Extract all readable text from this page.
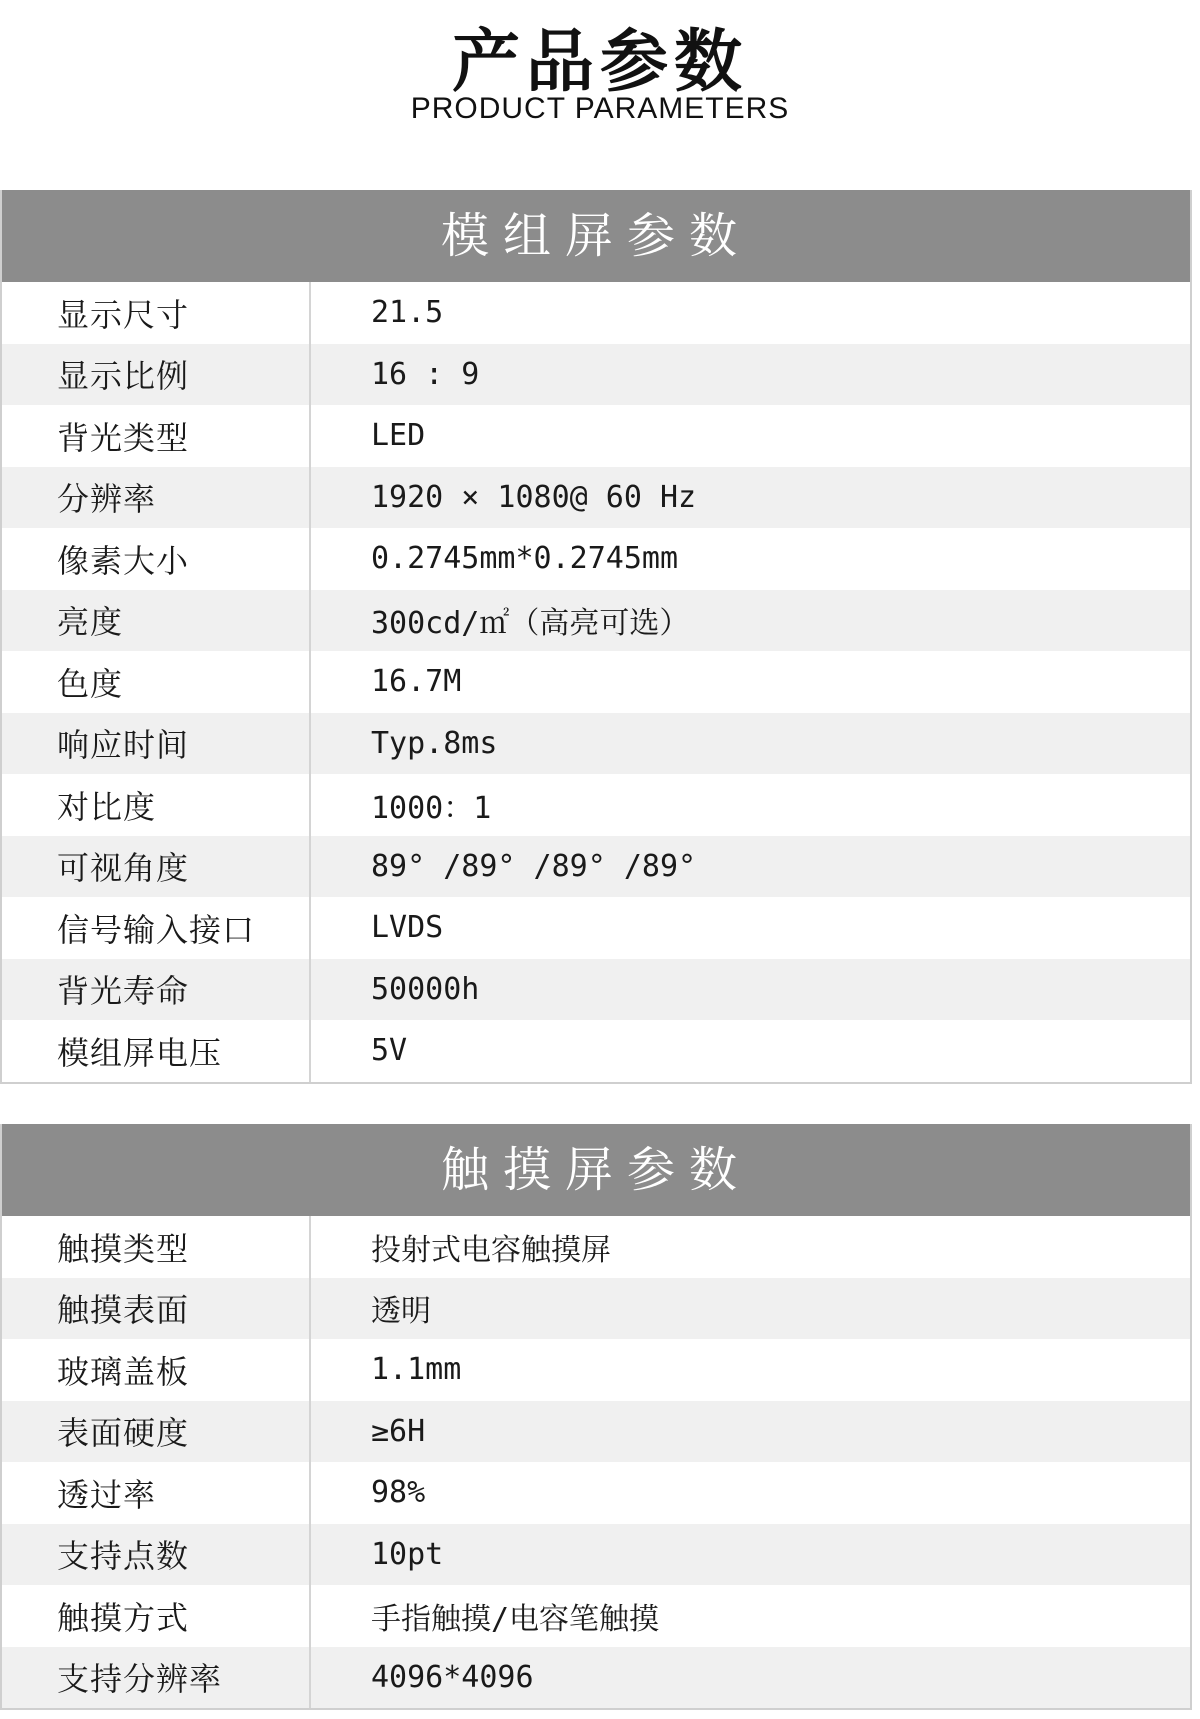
产品参数
PRODUCT PARAMETERS
模组屏参数
显示尺寸	21.5
显示比例	16 : 9
背光类型	LED
分辨率	1920 × 1080@ 60 Hz
像素大小	0.2745mm*0.2745mm
亮度	300cd/㎡（高亮可选）
色度	16.7M
响应时间	Typ.8ms
对比度	1000：1
可视角度	89° /89° /89° /89°
信号输入接口	LVDS
背光寿命	50000h
模组屏电压	5V
触摸屏参数
触摸类型	投射式电容触摸屏
触摸表面	透明
玻璃盖板	1.1mm
表面硬度	≥6H
透过率	98%
支持点数	10pt
触摸方式	手指触摸/电容笔触摸
支持分辨率	4096*4096
